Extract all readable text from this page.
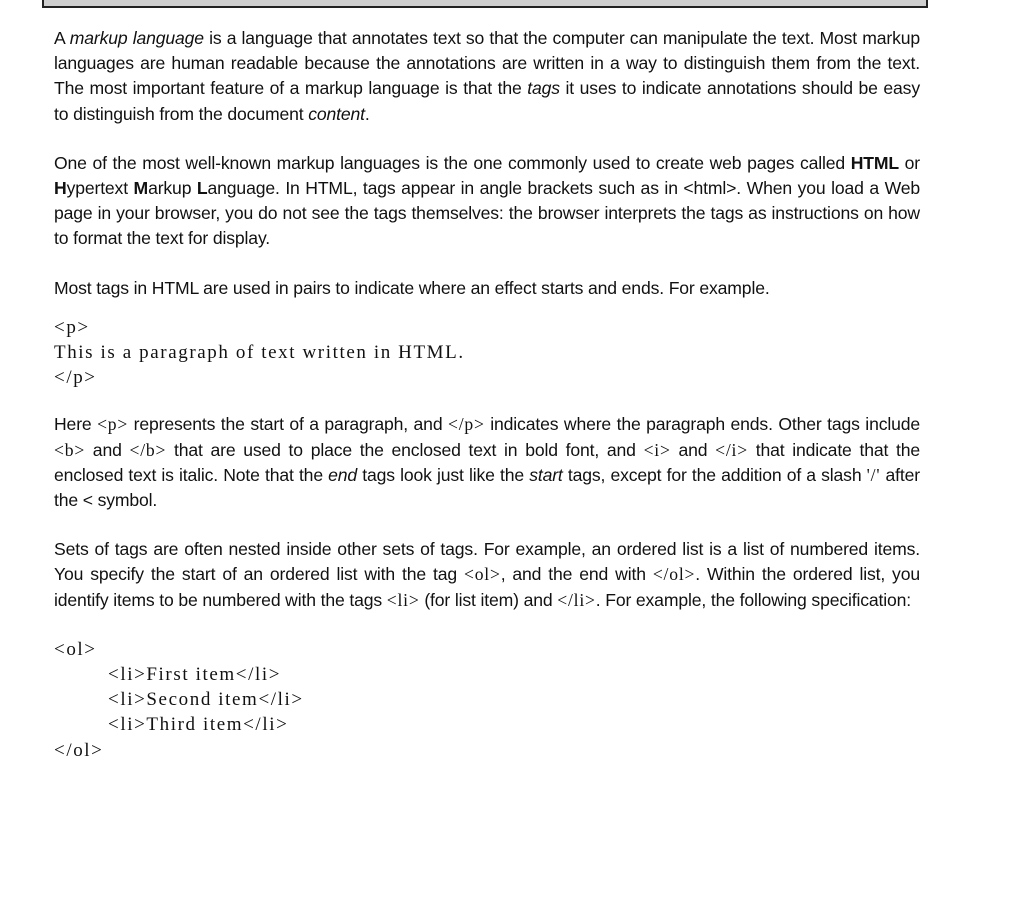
A markup language is a language that annotates text so that the computer can manipulate the text. Most markup languages are human readable because the annotations are written in a way to distinguish them from the text. The most important feature of a markup language is that the tags it uses to indicate annotations should be easy to distinguish from the document content.

One of the most well-known markup languages is the one commonly used to create web pages called HTML or Hypertext Markup Language. In HTML, tags appear in angle brackets such as in <html>. When you load a Web page in your browser, you do not see the tags themselves: the browser interprets the tags as instructions on how to format the text for display.

Most tags in HTML are used in pairs to indicate where an effect starts and ends. For example.

<p>
This is a paragraph of text written in HTML.
</p>

Here <p> represents the start of a paragraph, and </p> indicates where the paragraph ends. Other tags include <b> and </b> that are used to place the enclosed text in bold font, and <i> and </i> that indicate that the enclosed text is italic. Note that the end tags look just like the start tags, except for the addition of a slash '/' after the < symbol.

Sets of tags are often nested inside other sets of tags. For example, an ordered list is a list of numbered items. You specify the start of an ordered list with the tag <ol>, and the end with </ol>. Within the ordered list, you identify items to be numbered with the tags <li> (for list item) and </li>. For example, the following specification:

<ol>
<li>First item</li>
<li>Second item</li>
<li>Third item</li>
</ol>
